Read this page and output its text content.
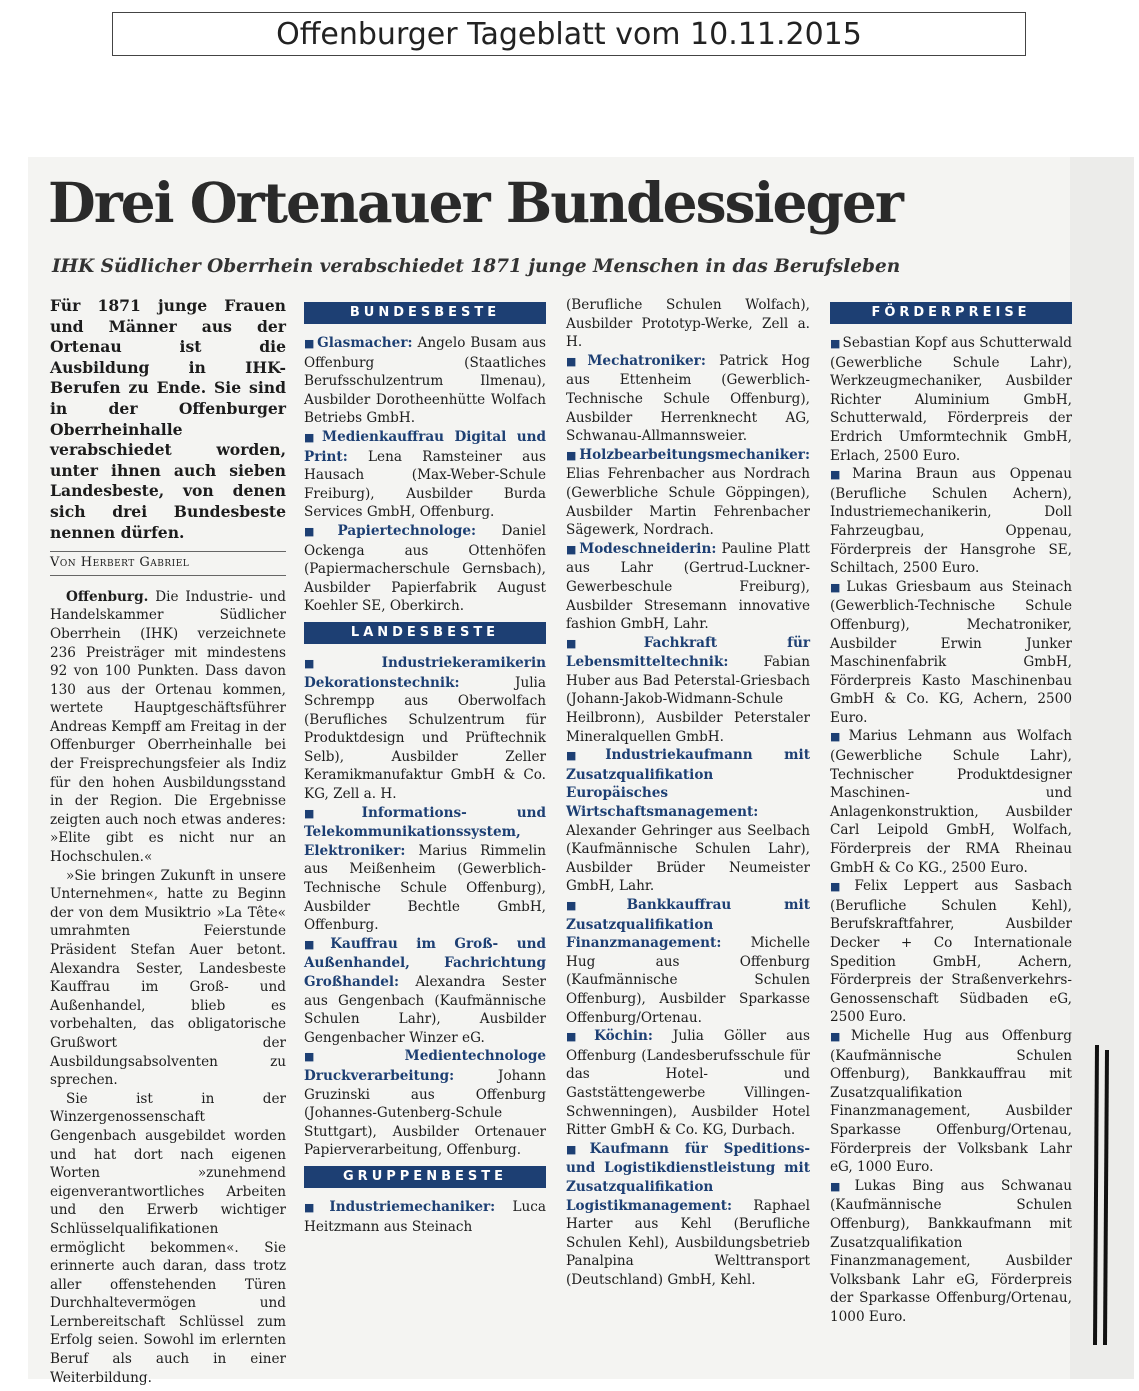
Offenburger Tageblatt vom 10.11.2015
Drei Ortenauer Bundessieger
IHK Südlicher Oberrhein verabschiedet 1871 junge Menschen in das Berufsleben

Für 1871 junge Frauen und Männer aus der Ortenau ist die Ausbildung in IHK-Berufen zu Ende. Sie sind in der Offenburger Oberrheinhalle verabschiedet worden, unter ihnen auch sieben Landesbeste, von denen sich drei Bundesbeste nennen dürfen.

Von Herbert Gabriel

Offenburg. Die Industrie- und Handelskammer Südlicher Oberrhein (IHK) verzeichnete 236 Preisträger mit mindestens 92 von 100 Punkten. Dass davon 130 aus der Ortenau kommen, wertete Hauptgeschäftsführer Andreas Kempff am Freitag in der Offenburger Oberrheinhalle bei der Freisprechungsfeier als Indiz für den hohen Ausbildungsstand in der Region. Die Ergebnisse zeigten auch noch etwas anderes: »Elite gibt es nicht nur an Hochschulen.«

»Sie bringen Zukunft in unsere Unternehmen«, hatte zu Beginn der von dem Musiktrio »La Tête« umrahmten Feierstunde Präsident Stefan Auer betont. Alexandra Sester, Landesbeste Kauffrau im Groß- und Außenhandel, blieb es vorbehalten, das obligatorische Grußwort der Ausbildungsabsolventen zu sprechen.

Sie ist in der Winzergenossenschaft Gengenbach ausgebildet worden und hat dort nach eigenen Worten »zunehmend eigenverantwortliches Arbeiten und den Erwerb wichtiger Schlüsselqualifikationen ermöglicht bekommen«. Sie erinnerte auch daran, dass trotz aller offenstehenden Türen Durchhaltevermögen und Lernbereitschaft Schlüssel zum Erfolg seien. Sowohl im erlernten Beruf als auch in einer Weiterbildung.

BUNDESBESTE

■ Glasmacher: Angelo Busam aus Offenburg (Staatliches Berufsschulzentrum Ilmenau), Ausbilder Dorotheenhütte Wolfach Betriebs GmbH.

■ Medienkauffrau Digital und Print: Lena Ramsteiner aus Hausach (Max-Weber-Schule Freiburg), Ausbilder Burda Services GmbH, Offenburg.

■ Papiertechnologe: Daniel Ockenga aus Ottenhöfen (Papiermacherschule Gernsbach), Ausbilder Papierfabrik August Koehler SE, Oberkirch.

LANDESBESTE

■ Industriekeramikerin Dekorationstechnik: Julia Schrempp aus Oberwolfach (Berufliches Schulzentrum für Produktdesign und Prüftechnik Selb), Ausbilder Zeller Keramikmanufaktur GmbH & Co. KG, Zell a. H.

■ Informations- und Telekommunikationssystem, Elektroniker: Marius Rimmelin aus Meißenheim (Gewerblich-Technische Schule Offenburg), Ausbilder Bechtle GmbH, Offenburg.

■ Kauffrau im Groß- und Außenhandel, Fachrichtung Großhandel: Alexandra Sester aus Gengenbach (Kaufmännische Schulen Lahr), Ausbilder Gengenbacher Winzer eG.

■ Medientechnologe Druckverarbeitung: Johann Gruzinski aus Offenburg (Johannes-Gutenberg-Schule Stuttgart), Ausbilder Ortenauer Papierverarbeitung, Offenburg.

GRUPPENBESTE

■ Industriemechaniker: Luca Heitzmann aus Steinach

(Berufliche Schulen Wolfach), Ausbilder Prototyp-Werke, Zell a. H.

■ Mechatroniker: Patrick Hog aus Ettenheim (Gewerblich-Technische Schule Offenburg), Ausbilder Herrenknecht AG, Schwanau-Allmannsweier.

■ Holzbearbeitungsmechaniker: Elias Fehrenbacher aus Nordrach (Gewerbliche Schule Göppingen), Ausbilder Martin Fehrenbacher Sägewerk, Nordrach.

■ Modeschneiderin: Pauline Platt aus Lahr (Gertrud-Luckner-Gewerbeschule Freiburg), Ausbilder Stresemann innovative fashion GmbH, Lahr.

■ Fachkraft für Lebensmitteltechnik: Fabian Huber aus Bad Peterstal-Griesbach (Johann-Jakob-Widmann-Schule Heilbronn), Ausbilder Peterstaler Mineralquellen GmbH.

■ Industriekaufmann mit Zusatzqualifikation Europäisches Wirtschaftsmanagement: Alexander Gehringer aus Seelbach (Kaufmännische Schulen Lahr), Ausbilder Brüder Neumeister GmbH, Lahr.

■ Bankkauffrau mit Zusatzqualifikation Finanzmanagement: Michelle Hug aus Offenburg (Kaufmännische Schulen Offenburg), Ausbilder Sparkasse Offenburg/Ortenau.

■ Köchin: Julia Göller aus Offenburg (Landesberufsschule für das Hotel- und Gaststättengewerbe Villingen-Schwenningen), Ausbilder Hotel Ritter GmbH & Co. KG, Durbach.

■ Kaufmann für Speditions- und Logistikdienstleistung mit Zusatzqualifikation Logistikmanagement: Raphael Harter aus Kehl (Berufliche Schulen Kehl), Ausbildungsbetrieb Panalpina Welttransport (Deutschland) GmbH, Kehl.

FÖRDERPREISE

■ Sebastian Kopf aus Schutterwald (Gewerbliche Schule Lahr), Werkzeugmechaniker, Ausbilder Richter Aluminium GmbH, Schutterwald, Förderpreis der Erdrich Umformtechnik GmbH, Erlach, 2500 Euro.

■ Marina Braun aus Oppenau (Berufliche Schulen Achern), Industriemechanikerin, Doll Fahrzeugbau, Oppenau, Förderpreis der Hansgrohe SE, Schiltach, 2500 Euro.

■ Lukas Griesbaum aus Steinach (Gewerblich-Technische Schule Offenburg), Mechatroniker, Ausbilder Erwin Junker Maschinenfabrik GmbH, Förderpreis Kasto Maschinenbau GmbH & Co. KG, Achern, 2500 Euro.

■ Marius Lehmann aus Wolfach (Gewerbliche Schule Lahr), Technischer Produktdesigner Maschinen- und Anlagenkonstruktion, Ausbilder Carl Leipold GmbH, Wolfach, Förderpreis der RMA Rheinau GmbH & Co KG., 2500 Euro.

■ Felix Leppert aus Sasbach (Berufliche Schulen Kehl), Berufskraftfahrer, Ausbilder Decker + Co Internationale Spedition GmbH, Achern, Förderpreis der Straßenverkehrs-Genossenschaft Südbaden eG, 2500 Euro.

■ Michelle Hug aus Offenburg (Kaufmännische Schulen Offenburg), Bankkauffrau mit Zusatzqualifikation Finanzmanagement, Ausbilder Sparkasse Offenburg/Ortenau, Förderpreis der Volksbank Lahr eG, 1000 Euro.

■ Lukas Bing aus Schwanau (Kaufmännische Schulen Offenburg), Bankkaufmann mit Zusatzqualifikation Finanzmanagement, Ausbilder Volksbank Lahr eG, Förderpreis der Sparkasse Offenburg/Ortenau, 1000 Euro.
